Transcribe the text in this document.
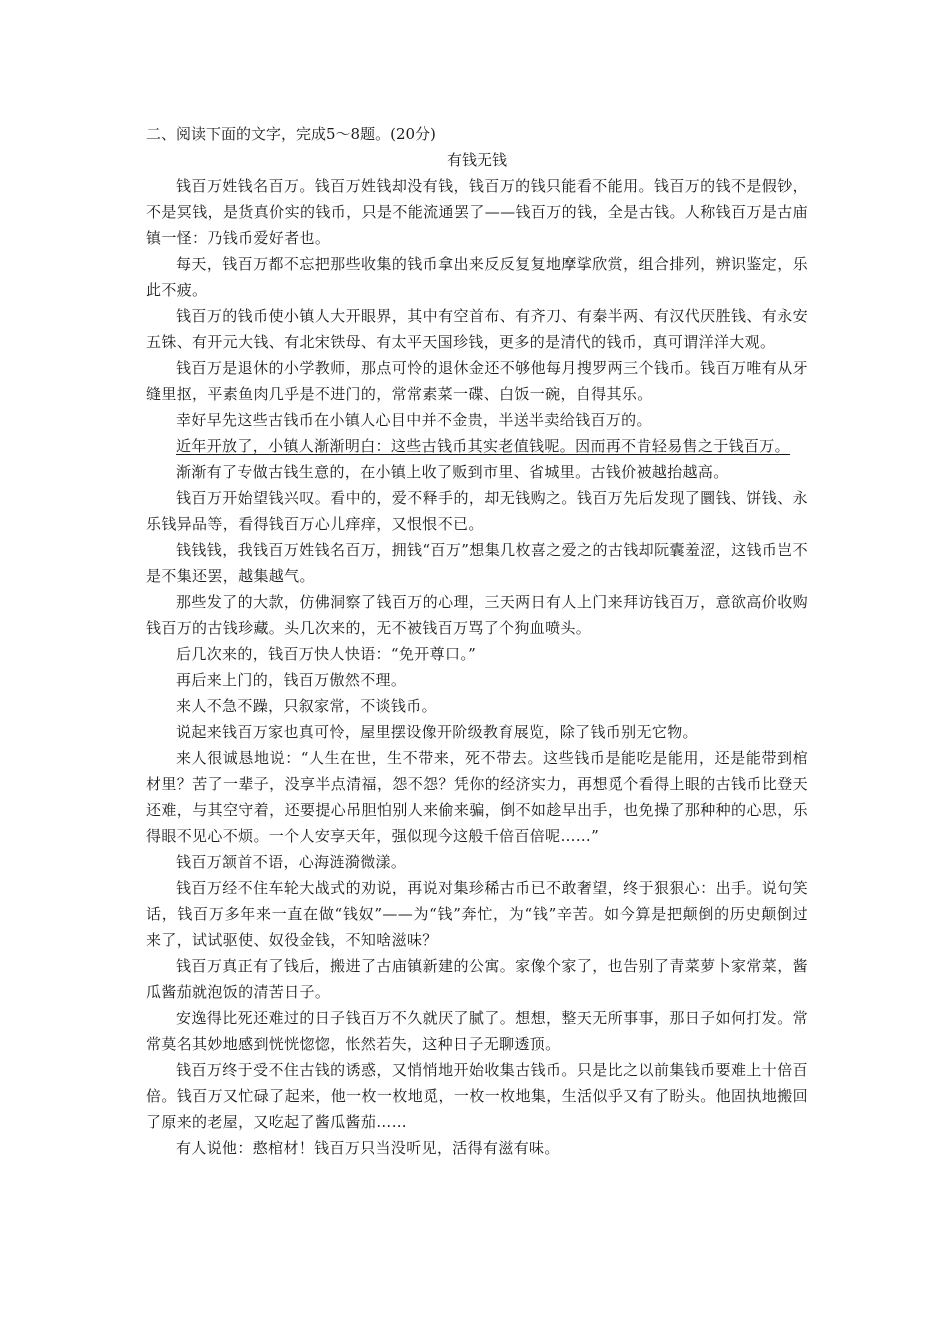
二、阅读下面的文字，完成5～8题。(20分)

有钱无钱

钱百万姓钱名百万。钱百万姓钱却没有钱，钱百万的钱只能看不能用。钱百万的钱不是假钞，不是冥钱，是货真价实的钱币，只是不能流通罢了——钱百万的钱，全是古钱。人称钱百万是古庙镇一怪：乃钱币爱好者也。

每天，钱百万都不忘把那些收集的钱币拿出来反反复复地摩挲欣赏，组合排列，辨识鉴定，乐此不疲。

钱百万的钱币使小镇人大开眼界，其中有空首布、有齐刀、有秦半两、有汉代厌胜钱、有永安五铢、有开元大钱、有北宋铁母、有太平天国珍钱，更多的是清代的钱币，真可谓洋洋大观。

钱百万是退休的小学教师，那点可怜的退休金还不够他每月搜罗两三个钱币。钱百万唯有从牙缝里抠，平素鱼肉几乎是不进门的，常常素菜一碟、白饭一碗，自得其乐。

幸好早先这些古钱币在小镇人心目中并不金贵，半送半卖给钱百万的。

近年开放了，小镇人渐渐明白：这些古钱币其实老值钱呢。因而再不肯轻易售之于钱百万。

渐渐有了专做古钱生意的，在小镇上收了贩到市里、省城里。古钱价被越抬越高。

钱百万开始望钱兴叹。看中的，爱不释手的，却无钱购之。钱百万先后发现了圜钱、饼钱、永乐钱异品等，看得钱百万心儿痒痒，又恨恨不已。

钱钱钱，我钱百万姓钱名百万，拥钱“百万”想集几枚喜之爱之的古钱却阮囊羞涩，这钱币岂不是不集还罢，越集越气。

那些发了的大款，仿佛洞察了钱百万的心理，三天两日有人上门来拜访钱百万，意欲高价收购钱百万的古钱珍藏。头几次来的，无不被钱百万骂了个狗血喷头。

后几次来的，钱百万快人快语：“免开尊口。”

再后来上门的，钱百万傲然不理。

来人不急不躁，只叙家常，不谈钱币。

说起来钱百万家也真可怜，屋里摆设像开阶级教育展览，除了钱币别无它物。

来人很诚恳地说：“人生在世，生不带来，死不带去。这些钱币是能吃是能用，还是能带到棺材里？苦了一辈子，没享半点清福，怨不怨？凭你的经济实力，再想觅个看得上眼的古钱币比登天还难，与其空守着，还要提心吊胆怕别人来偷来骗，倒不如趁早出手，也免操了那种种的心思，乐得眼不见心不烦。一个人安享天年，强似现今这般千倍百倍呢……”

钱百万颔首不语，心海涟漪微漾。

钱百万经不住车轮大战式的劝说，再说对集珍稀古币已不敢奢望，终于狠狠心：出手。说句笑话，钱百万多年来一直在做“钱奴”——为“钱”奔忙，为“钱”辛苦。如今算是把颠倒的历史颠倒过来了，试试驱使、奴役金钱，不知啥滋味？

钱百万真正有了钱后，搬进了古庙镇新建的公寓。家像个家了，也告别了青菜萝卜家常菜，酱瓜酱茄就泡饭的清苦日子。

安逸得比死还难过的日子钱百万不久就厌了腻了。想想，整天无所事事，那日子如何打发。常常莫名其妙地感到恍恍惚惚，怅然若失，这种日子无聊透顶。

钱百万终于受不住古钱的诱惑，又悄悄地开始收集古钱币。只是比之以前集钱币要难上十倍百倍。钱百万又忙碌了起来，他一枚一枚地觅，一枚一枚地集，生活似乎又有了盼头。他固执地搬回了原来的老屋，又吃起了酱瓜酱茄……

有人说他：憨棺材！钱百万只当没听见，活得有滋有味。
